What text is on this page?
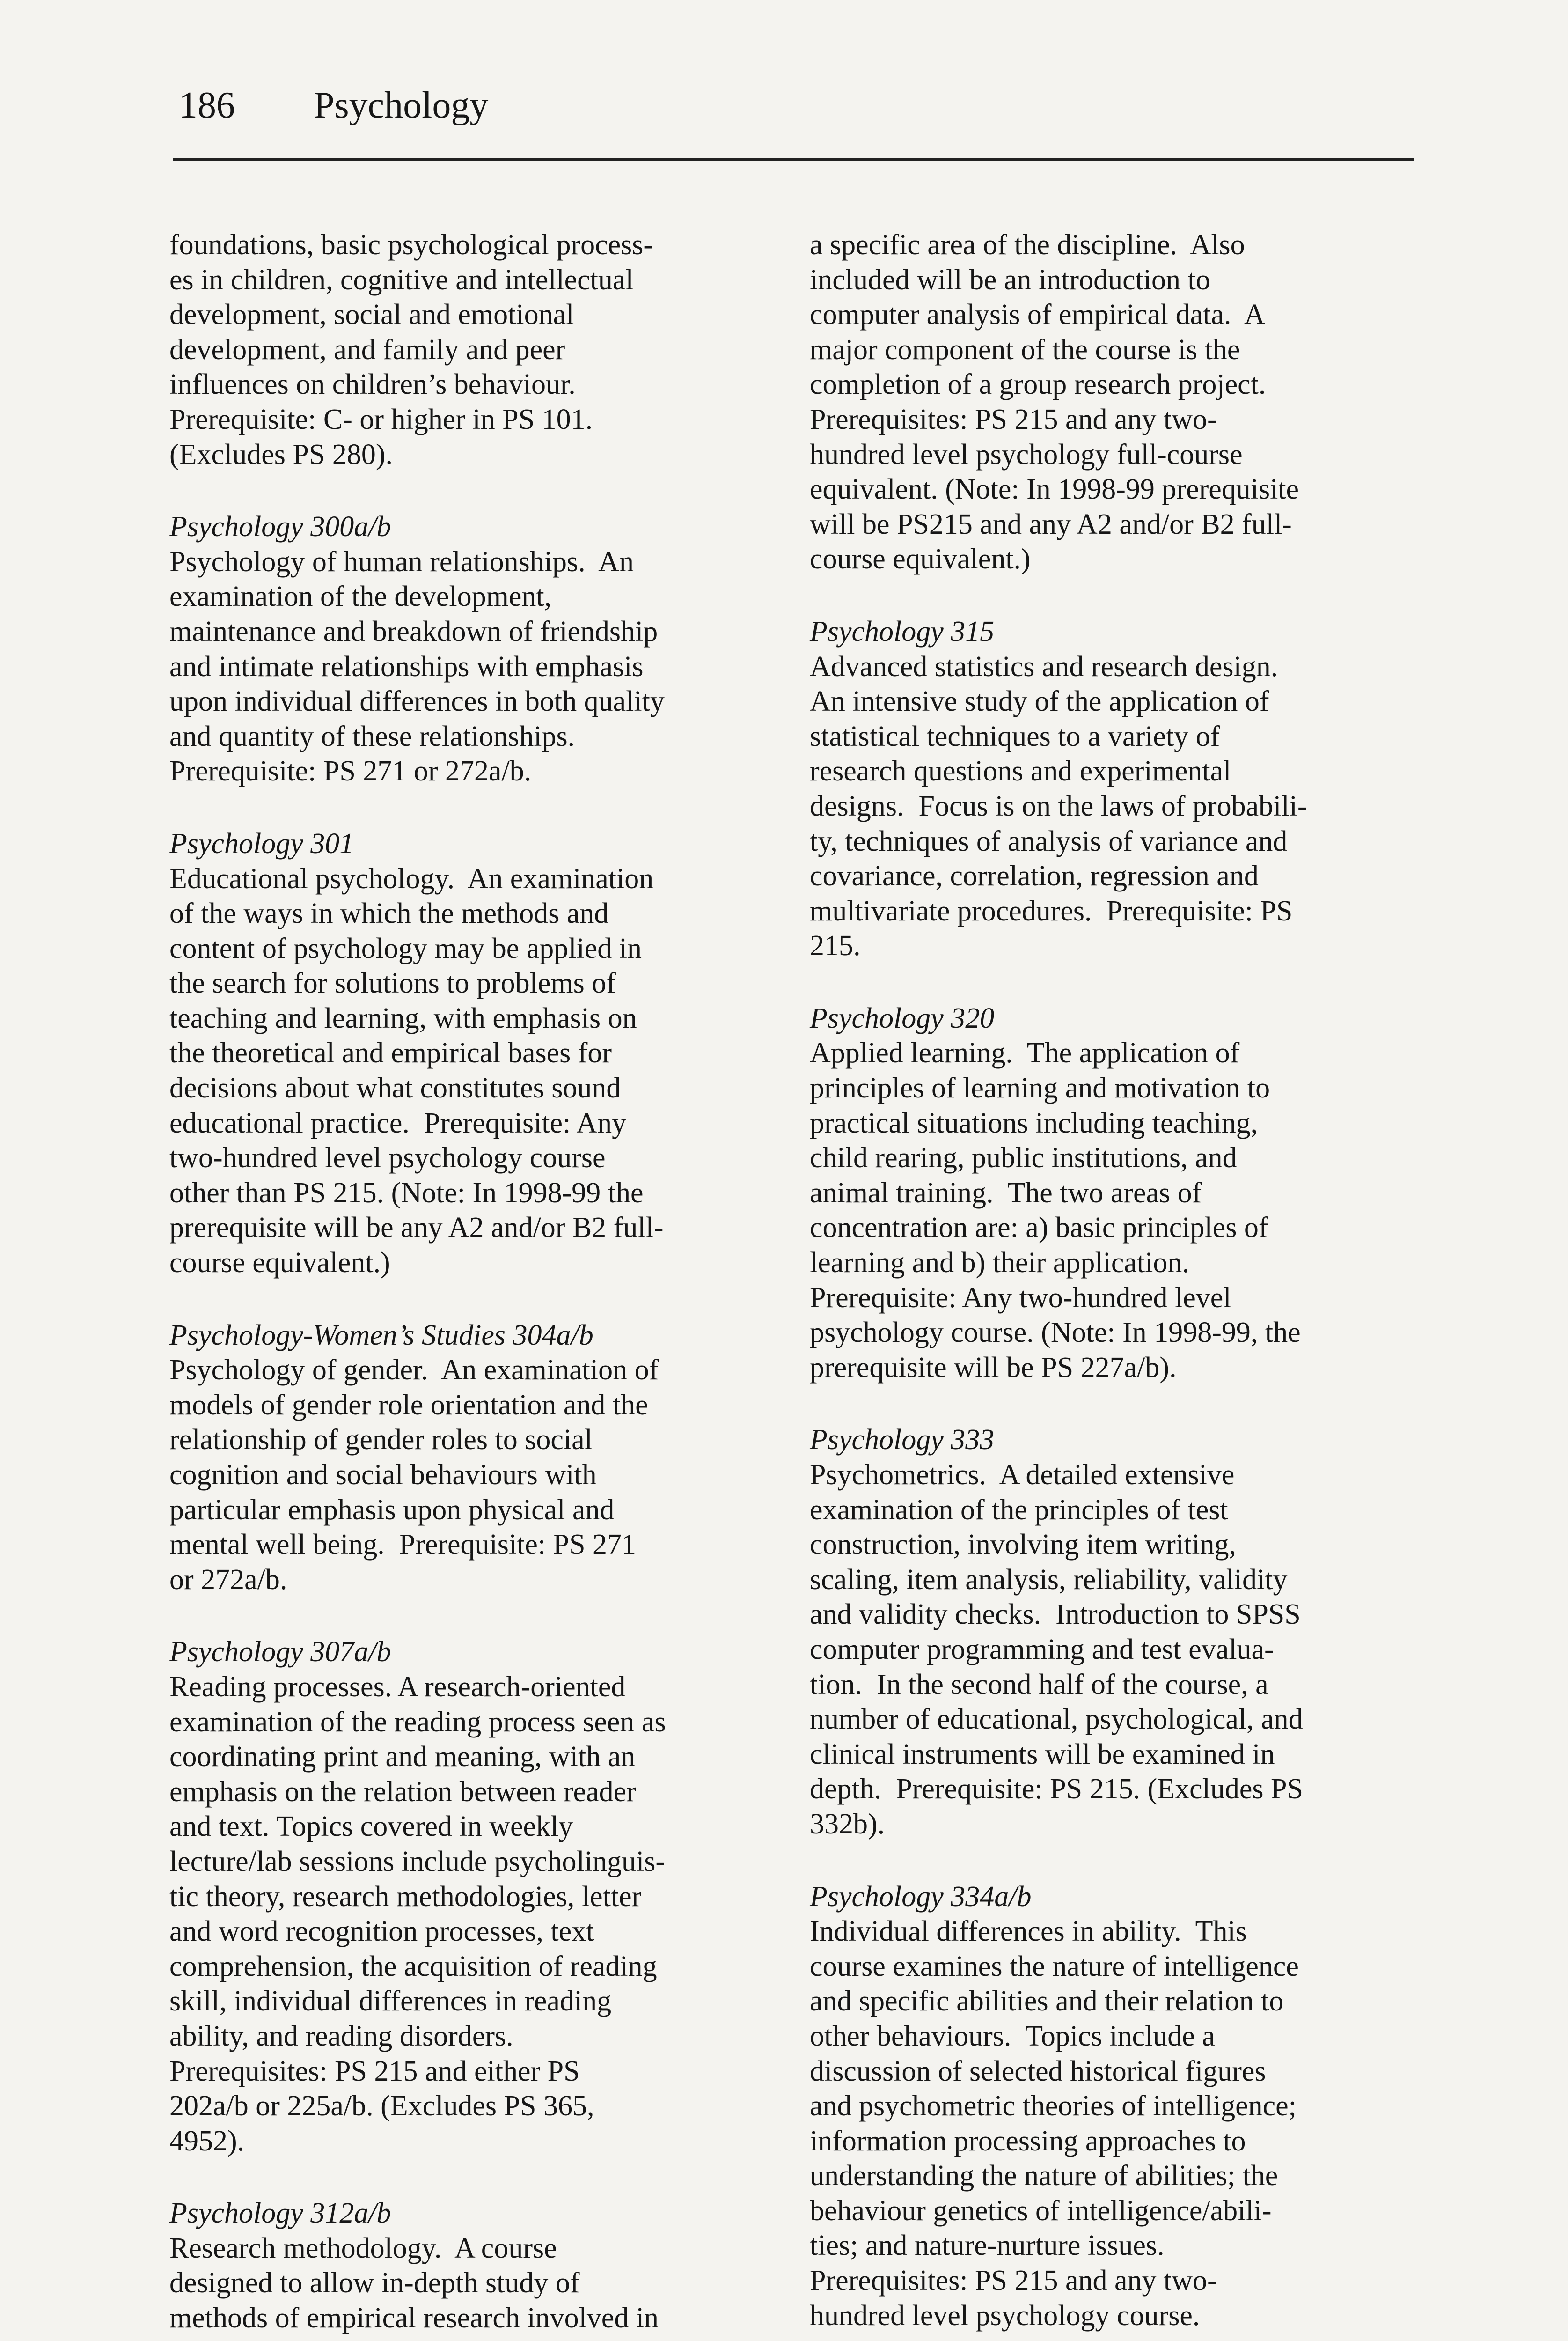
186 Psychology
foundations, basic psychological process-
es in children, cognitive and intellectual
development, social and emotional
development, and family and peer
influences on children’s behaviour.
Prerequisite: C- or higher in PS 101.
(Excludes PS 280).
Psychology 300a/b
Psychology of human relationships.  An
examination of the development,
maintenance and breakdown of friendship
and intimate relationships with emphasis
upon individual differences in both quality
and quantity of these relationships.
Prerequisite: PS 271 or 272a/b.
Psychology 301
Educational psychology.  An examination
of the ways in which the methods and
content of psychology may be applied in
the search for solutions to problems of
teaching and learning, with emphasis on
the theoretical and empirical bases for
decisions about what constitutes sound
educational practice.  Prerequisite: Any
two-hundred level psychology course
other than PS 215. (Note: In 1998-99 the
prerequisite will be any A2 and/or B2 full-
course equivalent.)
Psychology-Women’s Studies 304a/b
Psychology of gender.  An examination of
models of gender role orientation and the
relationship of gender roles to social
cognition and social behaviours with
particular emphasis upon physical and
mental well being.  Prerequisite: PS 271
or 272a/b.
Psychology 307a/b
Reading processes. A research-oriented
examination of the reading process seen as
coordinating print and meaning, with an
emphasis on the relation between reader
and text. Topics covered in weekly
lecture/lab sessions include psycholinguis-
tic theory, research methodologies, letter
and word recognition processes, text
comprehension, the acquisition of reading
skill, individual differences in reading
ability, and reading disorders.
Prerequisites: PS 215 and either PS
202a/b or 225a/b. (Excludes PS 365,
4952).
Psychology 312a/b
Research methodology.  A course
designed to allow in-depth study of
methods of empirical research involved in
a specific area of the discipline.  Also
included will be an introduction to
computer analysis of empirical data.  A
major component of the course is the
completion of a group research project.
Prerequisites: PS 215 and any two-
hundred level psychology full-course
equivalent. (Note: In 1998-99 prerequisite
will be PS215 and any A2 and/or B2 full-
course equivalent.)
Psychology 315
Advanced statistics and research design.
An intensive study of the application of
statistical techniques to a variety of
research questions and experimental
designs.  Focus is on the laws of probabili-
ty, techniques of analysis of variance and
covariance, correlation, regression and
multivariate procedures.  Prerequisite: PS
215.
Psychology 320
Applied learning.  The application of
principles of learning and motivation to
practical situations including teaching,
child rearing, public institutions, and
animal training.  The two areas of
concentration are: a) basic principles of
learning and b) their application.
Prerequisite: Any two-hundred level
psychology course. (Note: In 1998-99, the
prerequisite will be PS 227a/b).
Psychology 333
Psychometrics.  A detailed extensive
examination of the principles of test
construction, involving item writing,
scaling, item analysis, reliability, validity
and validity checks.  Introduction to SPSS
computer programming and test evalua-
tion.  In the second half of the course, a
number of educational, psychological, and
clinical instruments will be examined in
depth.  Prerequisite: PS 215. (Excludes PS
332b).
Psychology 334a/b
Individual differences in ability.  This
course examines the nature of intelligence
and specific abilities and their relation to
other behaviours.  Topics include a
discussion of selected historical figures
and psychometric theories of intelligence;
information processing approaches to
understanding the nature of abilities; the
behaviour genetics of intelligence/abili-
ties; and nature-nurture issues.
Prerequisites: PS 215 and any two-
hundred level psychology course.
